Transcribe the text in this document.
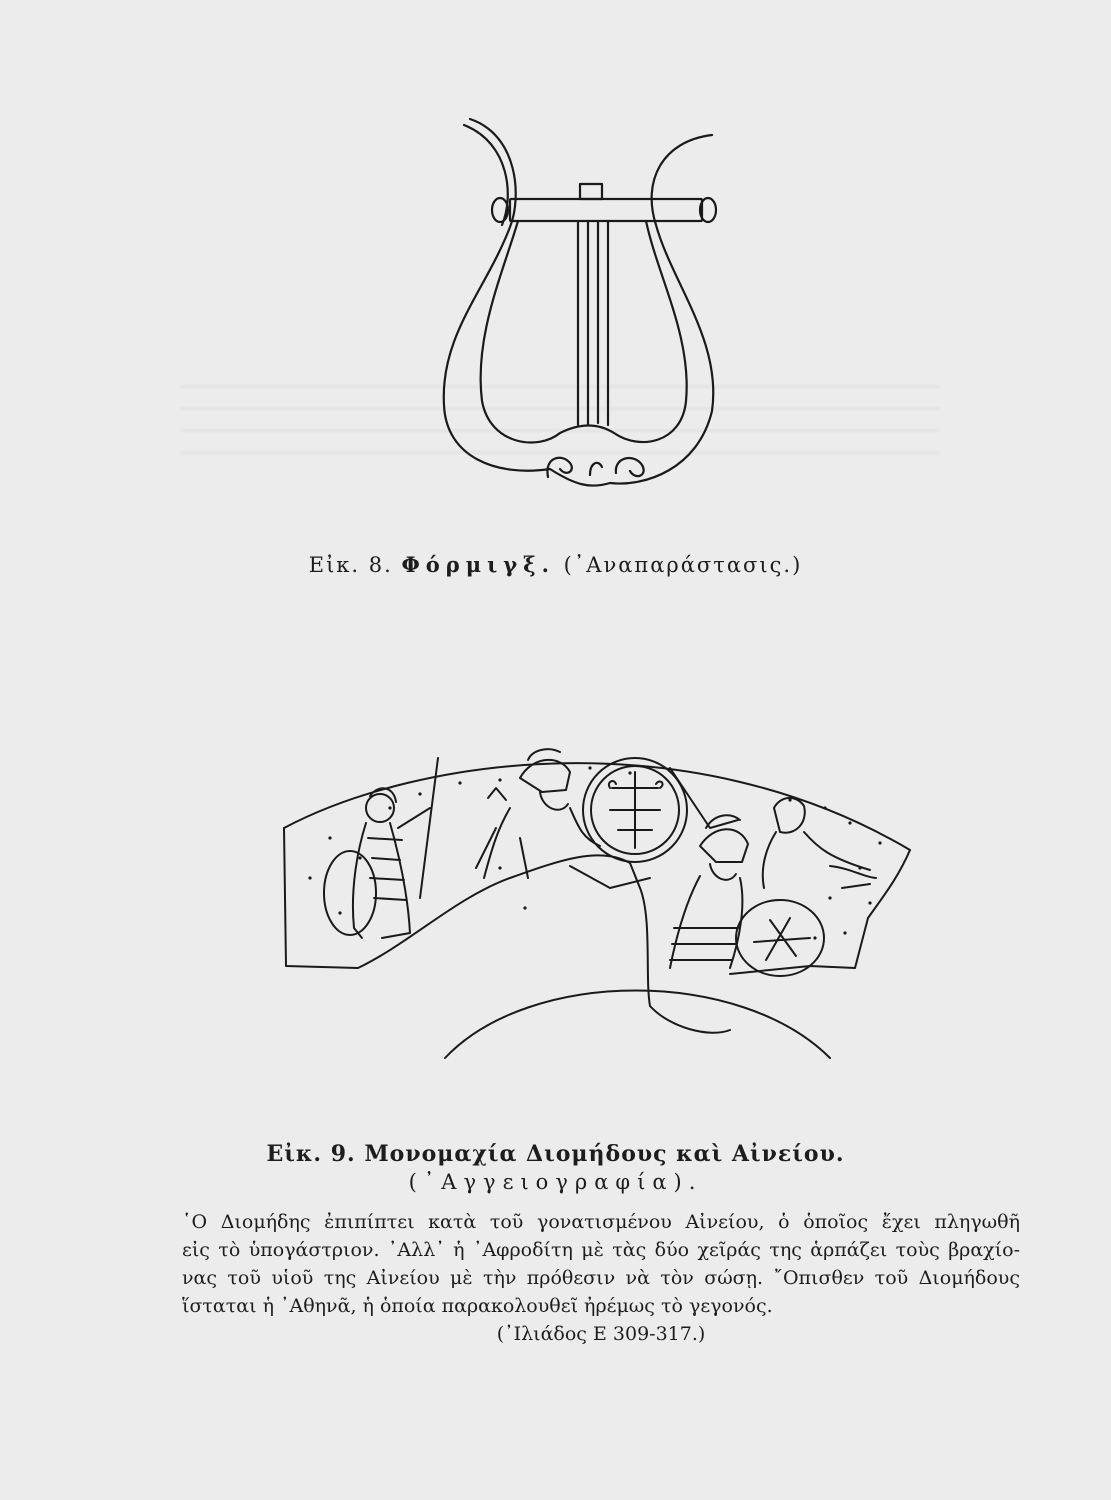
Εἰκ. 8. Φόρμιγξ. (᾿Αναπαράστασις.)
Εἰκ. 9. Μονομαχία Διομήδους καὶ Αἰνείου.
(᾿Αγγειογραφία).
῾Ο Διομήδης ἐπιπίπτει κατὰ τοῦ γονατισμένου Αἰνείου, ὁ ὁποῖος ἔχει πληγωθῆ
εἰς τὸ ὑπογάστριον. ᾿Αλλ᾿ ἡ ᾿Αφροδίτη μὲ τὰς δύο χεῖράς της ἁρπάζει τοὺς βραχίο-
νας τοῦ υἱοῦ της Αἰνείου μὲ τὴν πρόθεσιν νὰ τὸν σώσῃ. ῎Οπισθεν τοῦ Διομήδους
ἵσταται ἡ ᾿Αθηνᾶ, ἡ ὁποία παρακολουθεῖ ἠρέμως τὸ γεγονός.
(᾿Ιλιάδος Ε 309-317.)
